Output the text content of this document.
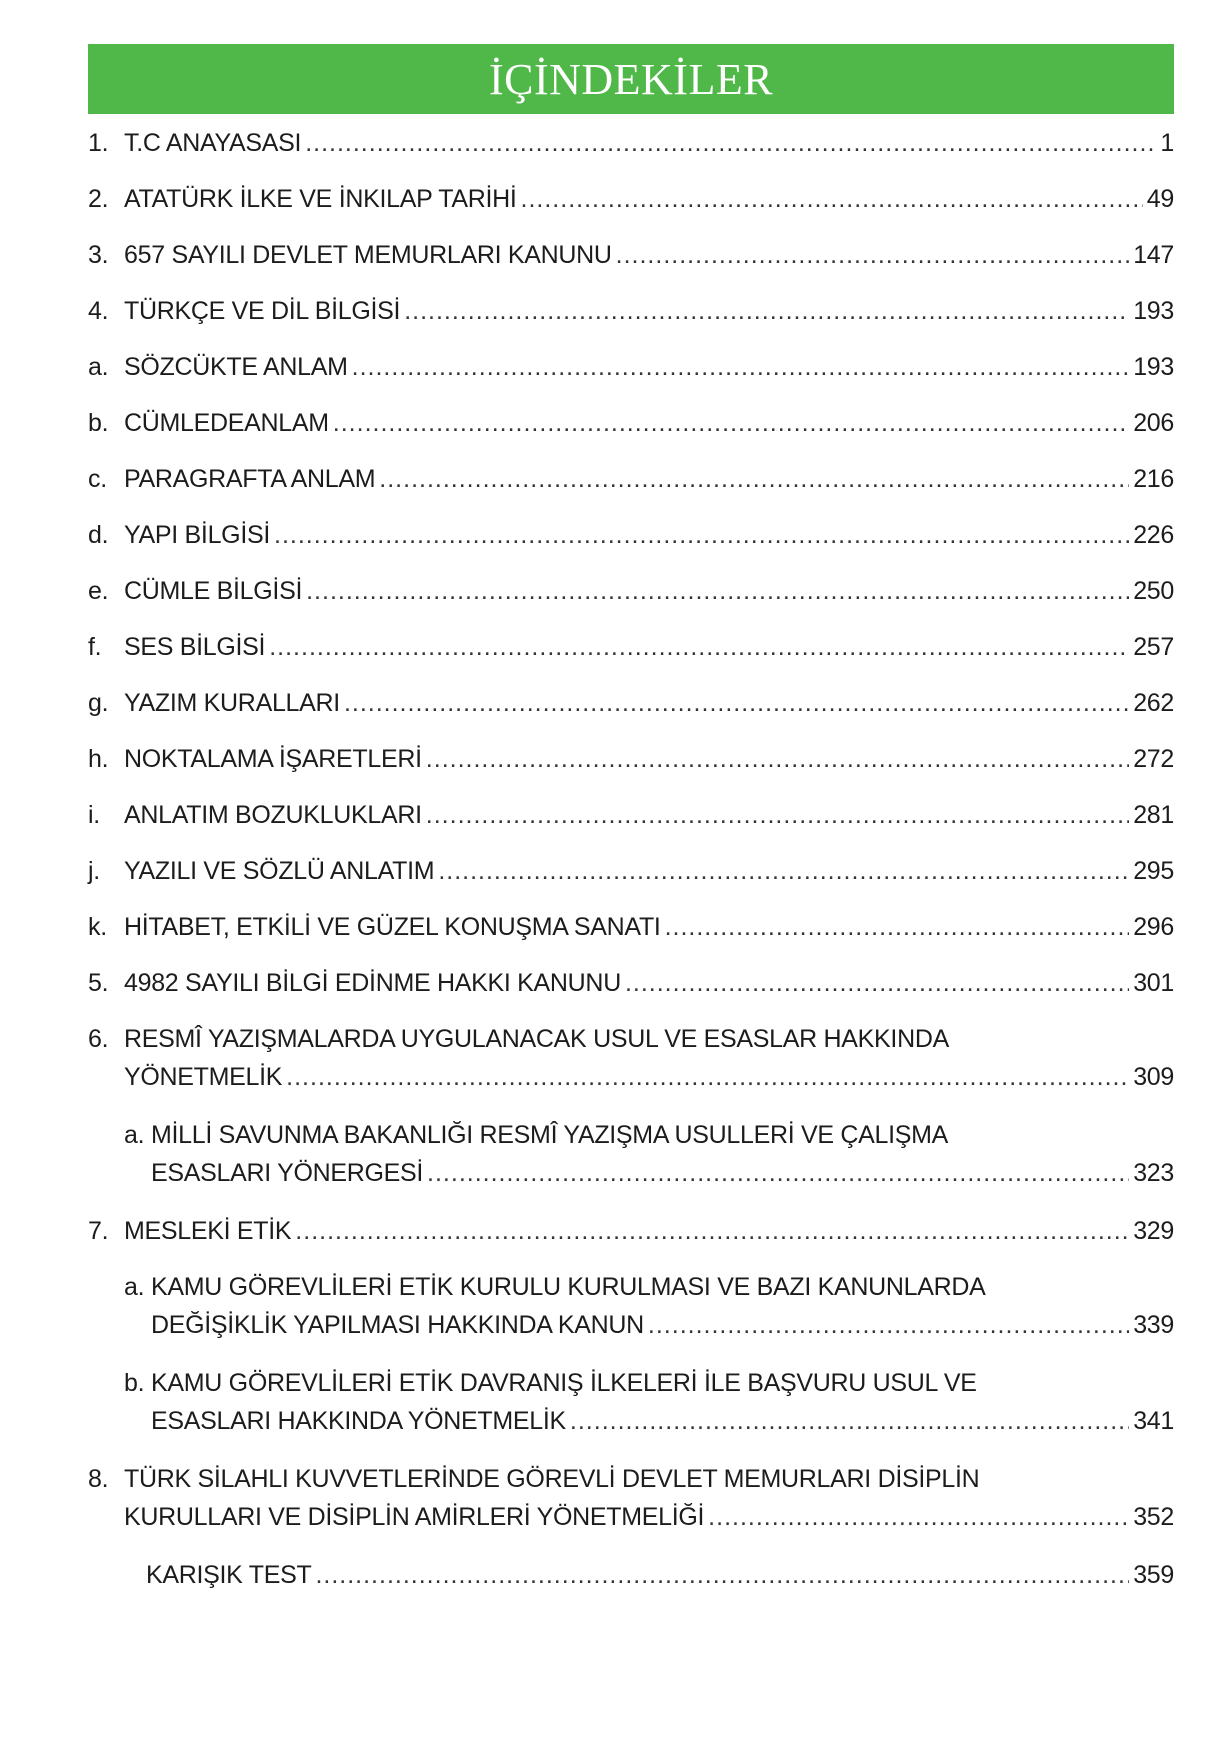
İÇİNDEKİLER
1. T.C ANAYASASI .....	1
2. ATATÜRK İLKE VE İNKILAP TARİHİ .....	49
3. 657 SAYILI DEVLET MEMURLARI KANUNU .....	147
4. TÜRKÇE VE DİL BİLGİSİ .....	193
a. SÖZCÜKTE ANLAM .....	193
b. CÜMLEDEANLAM .....	206
c. PARAGRAFTA ANLAM .....	216
d. YAPI BİLGİSİ .....	226
e. CÜMLE BİLGİSİ .....	250
f. SES BİLGİSİ .....	257
g. YAZIM KURALLARI .....	262
h. NOKTALAMA İŞARETLERİ .....	272
i. ANLATIM BOZUKLUKLARI .....	281
j. YAZILI VE SÖZLÜ ANLATIM .....	295
k. HİTABET, ETKİLİ VE GÜZEL KONUŞMA SANATI .....	296
5. 4982 SAYILI BİLGİ EDİNME HAKKI KANUNU .....	301
6. RESMÎ YAZIŞMALARDA UYGULANACAK USUL VE ESASLAR HAKKINDA
YÖNETMELİK .....	309
a. MİLLİ SAVUNMA BAKANLIĞI RESMÎ YAZIŞMA USULLERİ VE ÇALIŞMA
ESASLARI YÖNERGESİ .....	323
7. MESLEKİ ETİK .....	329
a. KAMU GÖREVLİLERİ ETİK KURULU KURULMASI VE BAZI KANUNLARDA
DEĞİŞİKLİK YAPILMASI HAKKINDA KANUN .....	339
b. KAMU GÖREVLİLERİ ETİK DAVRANIŞ İLKELERİ İLE BAŞVURU USUL VE
ESASLARI HAKKINDA YÖNETMELİK .....	341
8. TÜRK SİLAHLI KUVVETLERİNDE GÖREVLİ DEVLET MEMURLARI DİSİPLİN
KURULLARI VE DİSİPLİN AMİRLERİ YÖNETMELİĞİ .....	352
KARIŞIK TEST .....	359
